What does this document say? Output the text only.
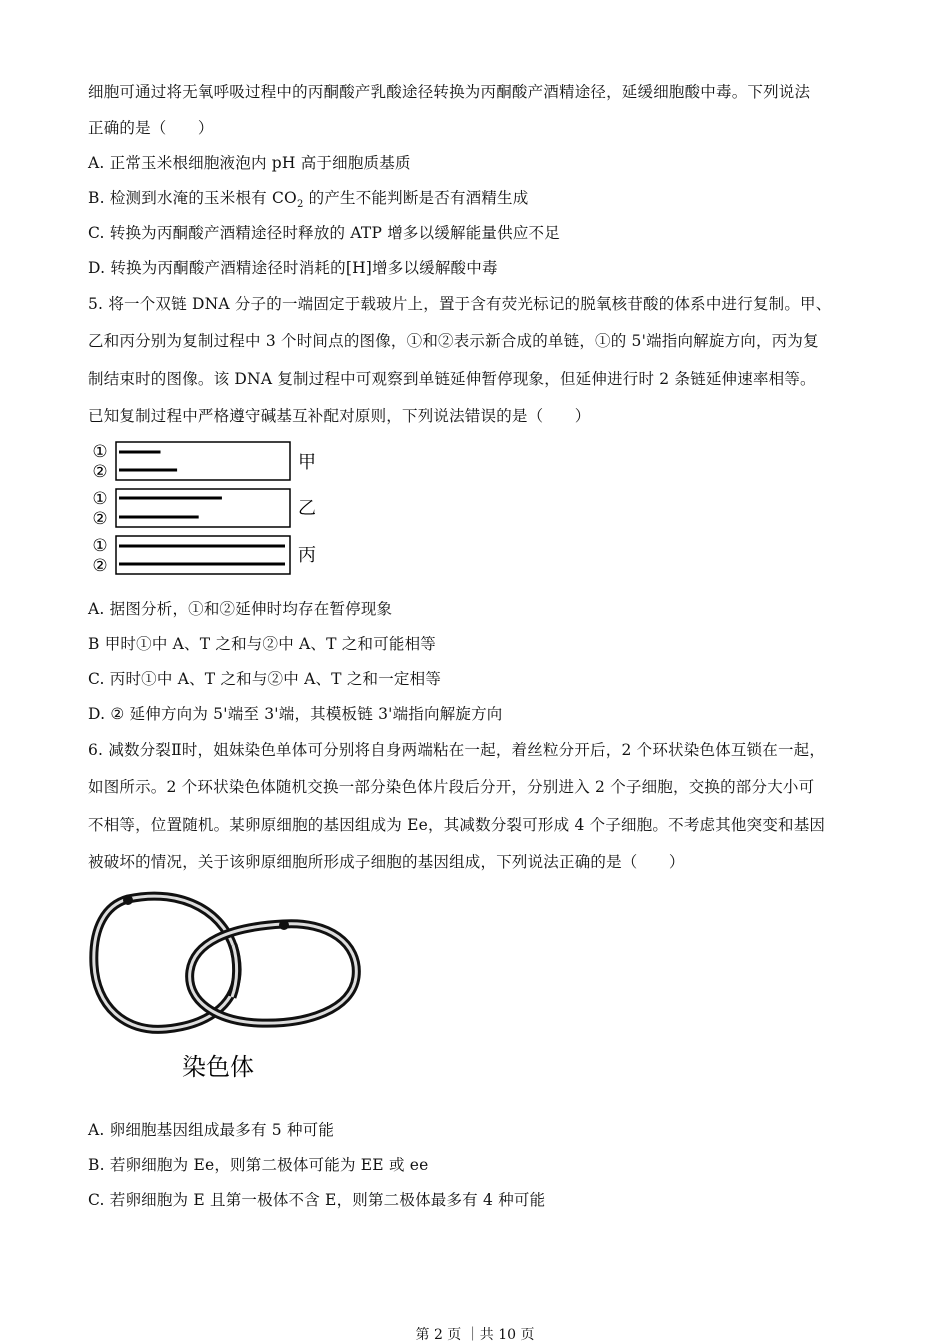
细胞可通过将无氧呼吸过程中的丙酮酸产乳酸途径转换为丙酮酸产酒精途径，延缓细胞酸中毒。下列说法
正确的是（　　）
A. 正常玉米根细胞液泡内 pH 高于细胞质基质
B. 检测到水淹的玉米根有 $CO_2$ 的产生不能判断是否有酒精生成
C. 转换为丙酮酸产酒精途径时释放的 ATP 增多以缓解能量供应不足
D. 转换为丙酮酸产酒精途径时消耗的[H]增多以缓解酸中毒
5. 将一个双链 DNA 分子的一端固定于载玻片上，置于含有荧光标记的脱氧核苷酸的体系中进行复制。甲、
乙和丙分别为复制过程中 3 个时间点的图像，①和②表示新合成的单链，①的 5'端指向解旋方向，丙为复
制结束时的图像。该 DNA 复制过程中可观察到单链延伸暂停现象，但延伸进行时 2 条链延伸速率相等。
已知复制过程中严格遵守碱基互补配对原则，下列说法错误的是（　　）
①
②	甲
①
②	乙
①
②	丙
A. 据图分析，①和②延伸时均存在暂停现象
B 甲时①中 A、T 之和与②中 A、T 之和可能相等
C. 丙时①中 A、T 之和与②中 A、T 之和一定相等
D. ② 延伸方向为 5'端至 3'端，其模板链 3'端指向解旋方向
6. 减数分裂Ⅱ时，姐妹染色单体可分别将自身两端粘在一起，着丝粒分开后，2 个环状染色体互锁在一起，
如图所示。2 个环状染色体随机交换一部分染色体片段后分开，分别进入 2 个子细胞，交换的部分大小可
不相等，位置随机。某卵原细胞的基因组成为 Ee，其减数分裂可形成 4 个子细胞。不考虑其他突变和基因
被破坏的情况，关于该卵原细胞所形成子细胞的基因组成，下列说法正确的是（　　）
染色体
A. 卵细胞基因组成最多有 5 种可能
B. 若卵细胞为 Ee，则第二极体可能为 EE 或 ee
C. 若卵细胞为 E 且第一极体不含 E，则第二极体最多有 4 种可能
第 2 页 ｜共 10 页
